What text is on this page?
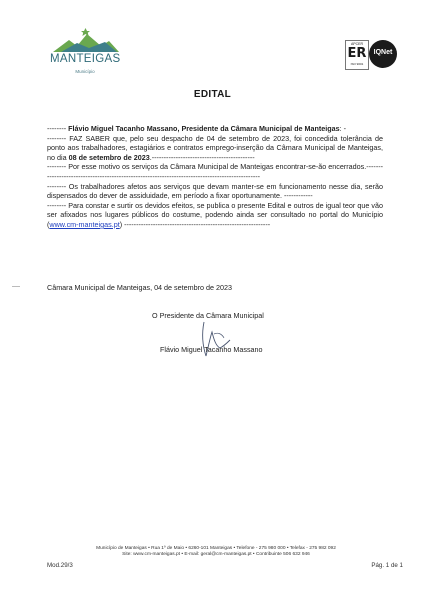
MANTEIGAS
Município
APCER
ER
ISO 9001
IQNet
EDITAL

-------- Flávio Miguel Tacanho Massano, Presidente da Câmara Municipal de Manteigas: -

-------- FAZ SABER que, pelo seu despacho de 04 de setembro de 2023, foi concedida tolerância de ponto aos trabalhadores, estagiários e contratos emprego-inserção da Câmara Municipal de Manteigas, no dia 08 de setembro de 2023.-------------------------------------------

-------- Por esse motivo os serviços da Câmara Municipal de Manteigas encontrar-se-ão encerrados.------------------------------------------------------------------------------------------------

-------- Os trabalhadores afetos aos serviços que devam manter-se em funcionamento nesse dia, serão dispensados do dever de assiduidade, em período a fixar oportunamente. ------------

-------- Para constar e surtir os devidos efeitos, se publica o presente Edital e outros de igual teor que vão ser afixados nos lugares públicos do costume, podendo ainda ser consultado no portal do Município (www.cm-manteigas.pt) -------------------------------------------------------------

Câmara Municipal de Manteigas, 04 de setembro de 2023
O Presidente da Câmara Municipal
Flávio Miguel Tacanho Massano
Município de Manteigas • Rua 1º de Maio • 6260-101 Manteigas • Telefone - 275 980 000 • Telefax - 275 982 092
Site: www.cm-manteigas.pt • E-mail: geral@cm-manteigas.pt • Contribuinte 506 632 946
Mod.29/3	Pág. 1 de 1
